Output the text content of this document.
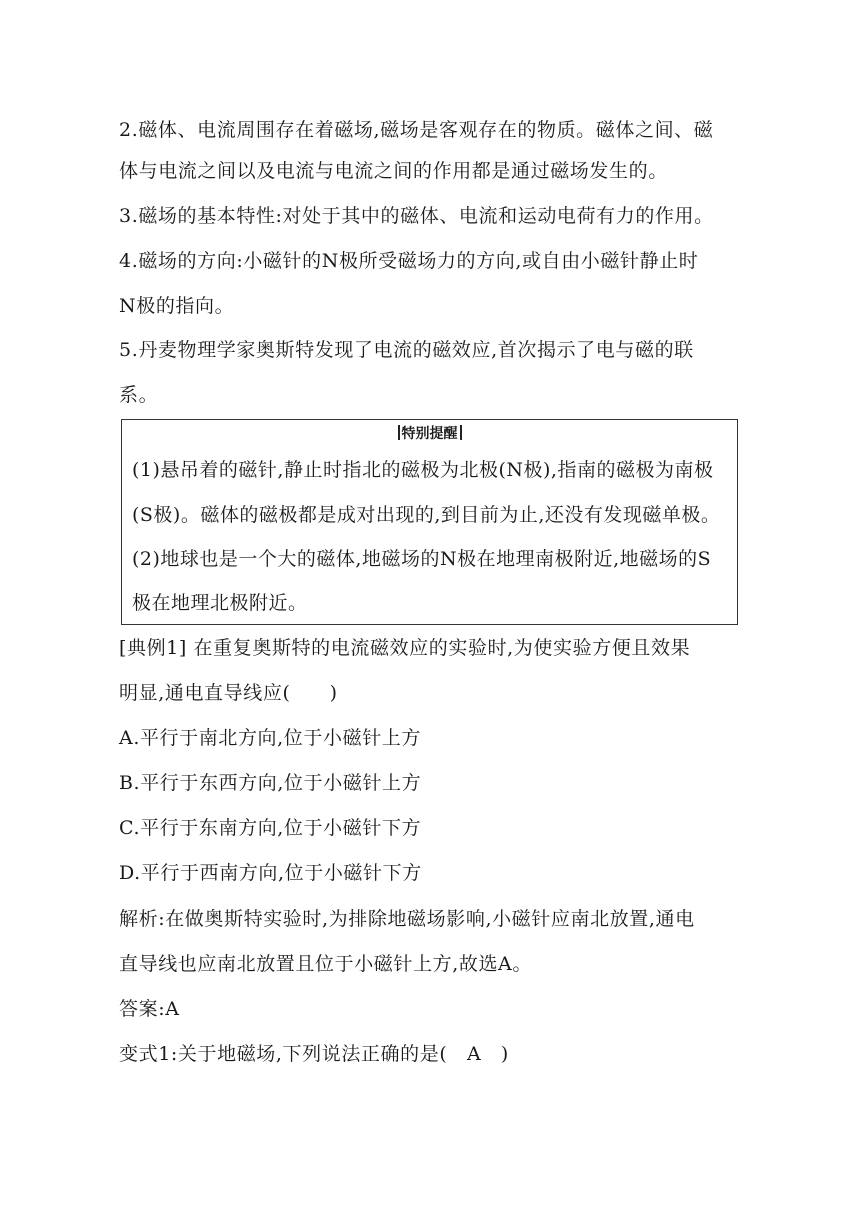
2.磁体、电流周围存在着磁场,磁场是客观存在的物质。磁体之间、磁
体与电流之间以及电流与电流之间的作用都是通过磁场发生的。
3.磁场的基本特性:对处于其中的磁体、电流和运动电荷有力的作用。
4.磁场的方向:小磁针的N极所受磁场力的方向,或自由小磁针静止时
N极的指向。
5.丹麦物理学家奥斯特发现了电流的磁效应,首次揭示了电与磁的联
系。
特别提醒
(1)悬吊着的磁针,静止时指北的磁极为北极(N极),指南的磁极为南极
(S极)。磁体的磁极都是成对出现的,到目前为止,还没有发现磁单极。
(2)地球也是一个大的磁体,地磁场的N极在地理南极附近,地磁场的S
极在地理北极附近。
[典例1] 在重复奥斯特的电流磁效应的实验时,为使实验方便且效果
明显,通电直导线应(　　)
A.平行于南北方向,位于小磁针上方
B.平行于东西方向,位于小磁针上方
C.平行于东南方向,位于小磁针下方
D.平行于西南方向,位于小磁针下方
解析:在做奥斯特实验时,为排除地磁场影响,小磁针应南北放置,通电
直导线也应南北放置且位于小磁针上方,故选A。
答案:A
变式1:关于地磁场,下列说法正确的是(　A　)
